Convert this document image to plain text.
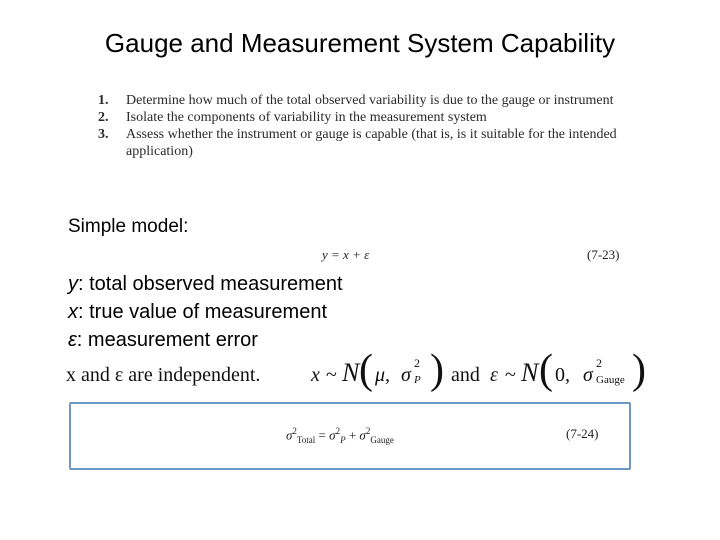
Gauge and Measurement System Capability
1.	Determine how much of the total observed variability is due to the gauge or instrument
2.	Isolate the components of variability in the measurement system
3.	Assess whether the instrument or gauge is capable (that is, is it suitable for the intended application)
Simple model:
y = x + ε	(7-23)
y: total observed measurement
x: true value of measurement
ε: measurement error
x and ε are independent.	x ~ N ( μ, σ
2
P ) and ε ~ N ( 0, σ
2
Gauge )
$\sigma^2_{Total} = \sigma^2_P + \sigma^2_{Gauge}$	(7-24)
